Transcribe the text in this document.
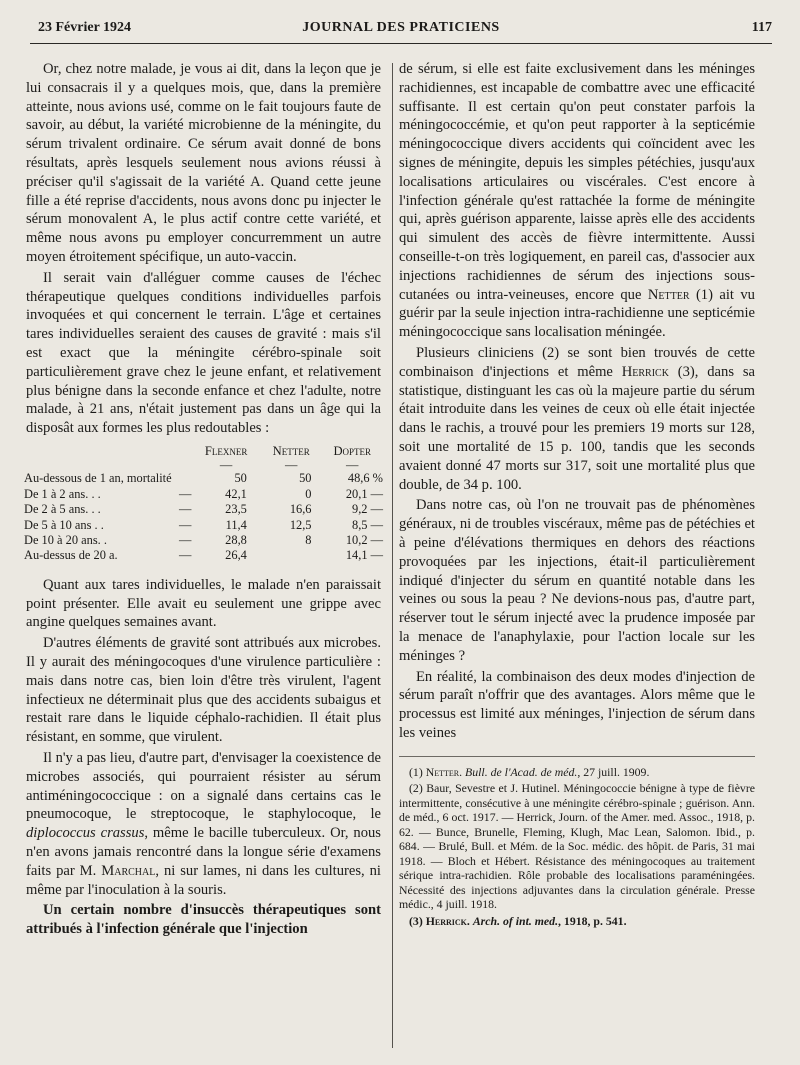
23 Février 1924	JOURNAL DES PRATICIENS	117

Or, chez notre malade, je vous ai dit, dans la leçon que je lui consacrais il y a quelques mois, que, dans la première atteinte, nous avions usé, comme on le fait toujours faute de savoir, au début, la variété microbienne de la méningite, du sérum trivalent ordinaire. Ce sérum avait donné de bons résultats, après lesquels seulement nous avions réussi à préciser qu'il s'agissait de la variété A. Quand cette jeune fille a été reprise d'accidents, nous avons donc pu injecter le sérum monovalent A, le plus actif contre cette variété, et même nous avons pu employer concurremment un autre moyen étroitement spécifique, un auto-vaccin.

Il serait vain d'alléguer comme causes de l'échec thérapeutique quelques conditions individuelles parfois invoquées et qui concernent le terrain. L'âge et certaines tares individuelles seraient des causes de gravité : mais s'il est exact que la méningite cérébro-spinale soit particulièrement grave chez le jeune enfant, et relativement plus bénigne dans la seconde enfance et chez l'adulte, notre malade, à 21 ans, n'était justement pas dans un âge qui la disposât aux formes les plus redoutables :

		Flexner	Netter	Dopter
		—	—	—
Au-dessous de 1 an, mortalité		50	50	48,6 %
De 1 à 2 ans. . .	—	42,1	0	20,1 —
De 2 à 5 ans. . .	—	23,5	16,6	9,2 —
De 5 à 10 ans . .	—	11,4	12,5	8,5 —
De 10 à 20 ans. .	—	28,8	8	10,2 —
Au-dessus de 20 a.	—	26,4		14,1 —

Quant aux tares individuelles, le malade n'en paraissait point présenter. Elle avait eu seulement une grippe avec angine quelques semaines avant.

D'autres éléments de gravité sont attribués aux microbes. Il y aurait des méningocoques d'une virulence particulière : mais dans notre cas, bien loin d'être très virulent, l'agent infectieux ne déterminait plus que des accidents subaigus et restait rare dans le liquide céphalo-rachidien. Il était plus résistant, en somme, que virulent.

Il n'y a pas lieu, d'autre part, d'envisager la coexistence de microbes associés, qui pourraient résister au sérum antiméningococcique : on a signalé dans certains cas le pneumocoque, le streptocoque, le staphylocoque, le diplococcus crassus, même le bacille tuberculeux. Or, nous n'en avons jamais rencontré dans la longue série d'examens faits par M. Marchal, ni sur lames, ni dans les cultures, ni même par l'inoculation à la souris.

Un certain nombre d'insuccès thérapeutiques sont attribués à l'infection générale que l'injection

de sérum, si elle est faite exclusivement dans les méninges rachidiennes, est incapable de combattre avec une efficacité suffisante. Il est certain qu'on peut constater parfois la méningococcémie, et qu'on peut rapporter à la septicémie méningococcique divers accidents qui coïncident avec les signes de méningite, depuis les simples pétéchies, jusqu'aux localisations articulaires ou viscérales. C'est encore à l'infection générale qu'est rattachée la forme de méningite qui, après guérison apparente, laisse après elle des accidents qui simulent des accès de fièvre intermittente. Aussi conseille-t-on très logiquement, en pareil cas, d'associer aux injections rachidiennes de sérum des injections sous-cutanées ou intra-veineuses, encore que Netter (1) ait vu guérir par la seule injection intra-rachidienne une septicémie méningococcique sans localisation méningée.

Plusieurs cliniciens (2) se sont bien trouvés de cette combinaison d'injections et même Herrick (3), dans sa statistique, distinguant les cas où la majeure partie du sérum était introduite dans les veines de ceux où elle était injectée dans le rachis, a trouvé pour les premiers 19 morts sur 128, soit une mortalité de 15 p. 100, tandis que les seconds avaient donné 47 morts sur 317, soit une mortalité plus que double, de 34 p. 100.

Dans notre cas, où l'on ne trouvait pas de phénomènes généraux, ni de troubles viscéraux, même pas de pétéchies et à peine d'élévations thermiques en dehors des réactions provoquées par les injections, était-il particulièrement indiqué d'injecter du sérum en quantité notable dans les veines ou sous la peau ? Ne devions-nous pas, d'autre part, réserver tout le sérum injecté avec la prudence imposée par la menace de l'anaphylaxie, pour l'action locale sur les méninges ?

En réalité, la combinaison des deux modes d'injection de sérum paraît n'offrir que des avantages. Alors même que le processus est limité aux méninges, l'injection de sérum dans les veines

(1) Netter. Bull. de l'Acad. de méd., 27 juill. 1909.

(2) Baur, Sevestre et J. Hutinel. Méningococcie bénigne à type de fièvre intermittente, consécutive à une méningite cérébro-spinale ; guérison. Ann. de méd., 6 oct. 1917. — Herrick, Journ. of the Amer. med. Assoc., 1918, p. 62. — Bunce, Brunelle, Fleming, Klugh, Mac Lean, Salomon. Ibid., p. 684. — Brulé, Bull. et Mém. de la Soc. médic. des hôpit. de Paris, 31 mai 1918. — Bloch et Hébert. Résistance des méningocoques au traitement sérique intra-rachidien. Rôle probable des localisations paraméningées. Nécessité des injections adjuvantes dans la circulation générale. Presse médic., 4 juill. 1918.

(3) Herrick. Arch. of int. med., 1918, p. 541.
